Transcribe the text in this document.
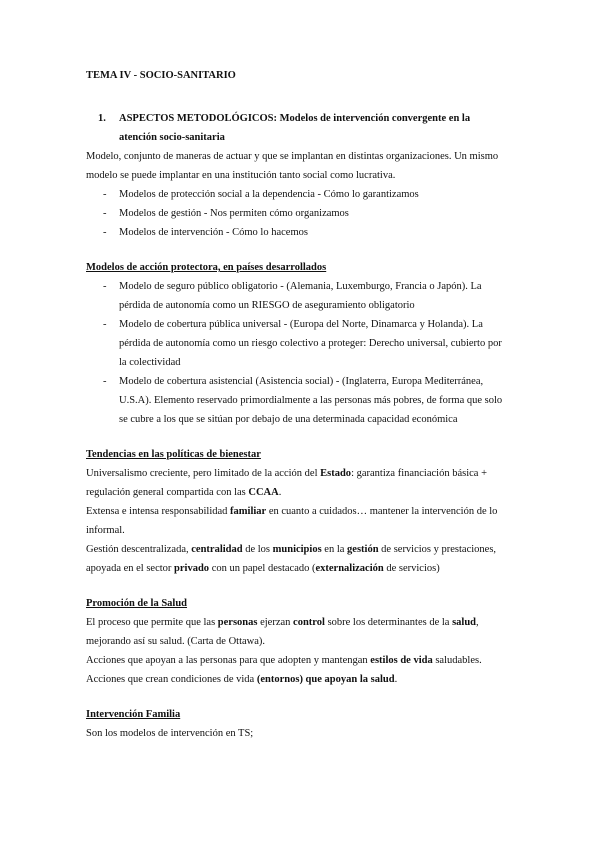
TEMA IV - SOCIO-SANITARIO

1.	ASPECTOS METODOLÓGICOS: Modelos de intervención convergente en la atención socio-sanitaria

Modelo, conjunto de maneras de actuar y que se implantan en distintas organizaciones. Un mismo modelo se puede implantar en una institución tanto social como lucrativa.

- Modelos de protección social a la dependencia - Cómo lo garantizamos
- Modelos de gestión - Nos permiten cómo organizamos
- Modelos de intervención - Cómo lo hacemos

Modelos de acción protectora, en países desarrollados

- Modelo de seguro público obligatorio - (Alemania, Luxemburgo, Francia o Japón). La pérdida de autonomía como un RIESGO de aseguramiento obligatorio
- Modelo de cobertura pública universal - (Europa del Norte, Dinamarca y Holanda). La pérdida de autonomía como un riesgo colectivo a proteger: Derecho universal, cubierto por la colectividad
- Modelo de cobertura asistencial (Asistencia social) - (Inglaterra, Europa Mediterránea, U.S.A). Elemento reservado primordialmente a las personas más pobres, de forma que solo se cubre a los que se sitúan por debajo de una determinada capacidad económica

Tendencias en las políticas de bienestar

Universalismo creciente, pero limitado de la acción del Estado: garantiza financiación básica + regulación general compartida con las CCAA.

Extensa e intensa responsabilidad familiar en cuanto a cuidados… mantener la intervención de lo informal.

Gestión descentralizada, centralidad de los municipios en la gestión de servicios y prestaciones, apoyada en el sector privado con un papel destacado (externalización de servicios)

Promoción de la Salud

El proceso que permite que las personas ejerzan control sobre los determinantes de la salud, mejorando así su salud. (Carta de Ottawa).

Acciones que apoyan a las personas para que adopten y mantengan estilos de vida saludables.

Acciones que crean condiciones de vida (entornos) que apoyan la salud.

Intervención Familia

Son los modelos de intervención en TS;
